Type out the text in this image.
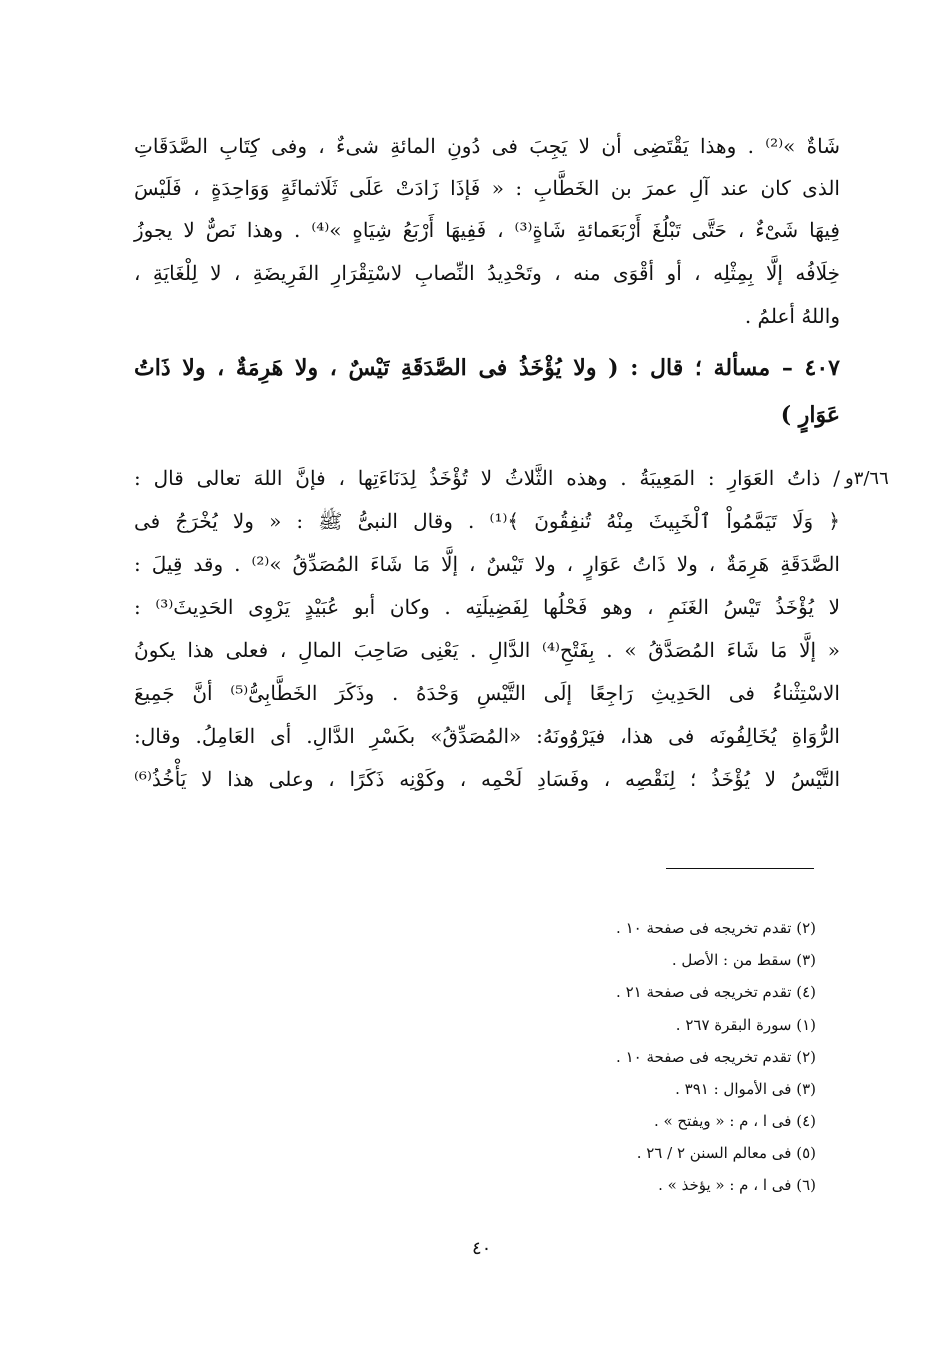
شَاةٌ »⁽²⁾ . وهذا يَقْتَضِى أن لا يَجِبَ فى دُونِ المائةِ شىءٌ ، وفى كِتَابِ الصَّدَقَاتِ
الذى كان عند آلِ عمرَ بن الخَطَّابِ : « فَإذَا زَادَتْ عَلَى ثَلَاثمائَةٍ وَوَاحِدَةٍ ، فَلَيْسَ
فِيهَا شَىْءٌ ، حَتَّى تَبْلُغَ أَرْبَعَمائةِ شَاةٍ⁽³⁾ ، فَفِيهَا أَرْبَعُ شِيَاهٍ »⁽⁴⁾ . وهذا نَصٌّ لا يجوزُ
خِلَافُه إلَّا بِمِثْلِه ، أو أقْوَى منه ، وتَحْدِيدُ النِّصابِ لاسْتِقْرَارِ الفَرِيضَةِ ، لا لِلْغَايَةِ ،
واللهُ أعلمُ .
٤٠٧ – مسألة ؛ قال : ( ولا يُؤْخَذُ فى الصَّدَقَةِ تَيْسٌ ، ولا هَرِمَةٌ ، ولا ذَاتُ
عَوَارٍ )
٣/٦٦و
/ ذاتُ العَوَارِ : المَعِيبَةُ . وهذه الثَّلاثُ لا تُؤْخَذُ لِدَنَاءَتِها ، فإنَّ اللهَ تعالى قال :
﴿ وَلَا تَيَمَّمُواْ ٱلْخَبِيثَ مِنْهُ تُنفِقُونَ ﴾⁽¹⁾ . وقال النبىُّ ﷺ : « ولا يُخْرَجُ فى
الصَّدَقَةِ هَرِمَةٌ ، ولا ذَاتُ عَوَارٍ ، ولا تَيْسٌ ، إلَّا مَا شَاءَ المُصَدِّقُ »⁽²⁾ . وقد قِيلَ :
لا يُؤْخَذُ تَيْسُ الغَنَمِ ، وهو فَحْلُها لِفَضِيلَتِه . وكان أبو عُبَيْدٍ يَرْوِى الحَدِيثَ⁽³⁾ :
« إلَّا مَا شَاءَ المُصَدَّقُ » . بِفَتْحِ⁽⁴⁾ الدَّالِ . يَعْنِى صَاحِبَ المالِ ، فعلى هذا يكونُ
الاسْتِثْناءُ فى الحَدِيثِ رَاجِعًا إلَى التَّيْسِ وَحْدَهُ . وذَكَرَ الخَطَّابِىُّ⁽⁵⁾ أنَّ جَمِيعَ
الرُّوَاةِ يُخَالِفُونَه فى هذا، فيَرْوُونَهُ: «المُصَدِّقُ» بكَسْرِ الدَّالِ. أى العَامِلُ. وقال:
التَّيْسُ لا يُؤْخَذُ ؛ لِنَقْصِه ، وفَسَادِ لَحْمِه ، وكَوْنِه ذَكَرًا ، وعلى هذا لا يَأْخُذُ⁽⁶⁾
(٢) تقدم تخريجه فى صفحة ١٠ .
(٣) سقط من : الأصل .
(٤) تقدم تخريجه فى صفحة ٢١ .
(١) سورة البقرة ٢٦٧ .
(٢) تقدم تخريجه فى صفحة ١٠ .
(٣) فى الأموال : ٣٩١ .
(٤) فى ا ، م : « ويفتح » .
(٥) فى معالم السنن ٢ / ٢٦ .
(٦) فى ا ، م : « يؤخذ » .
٤٠
